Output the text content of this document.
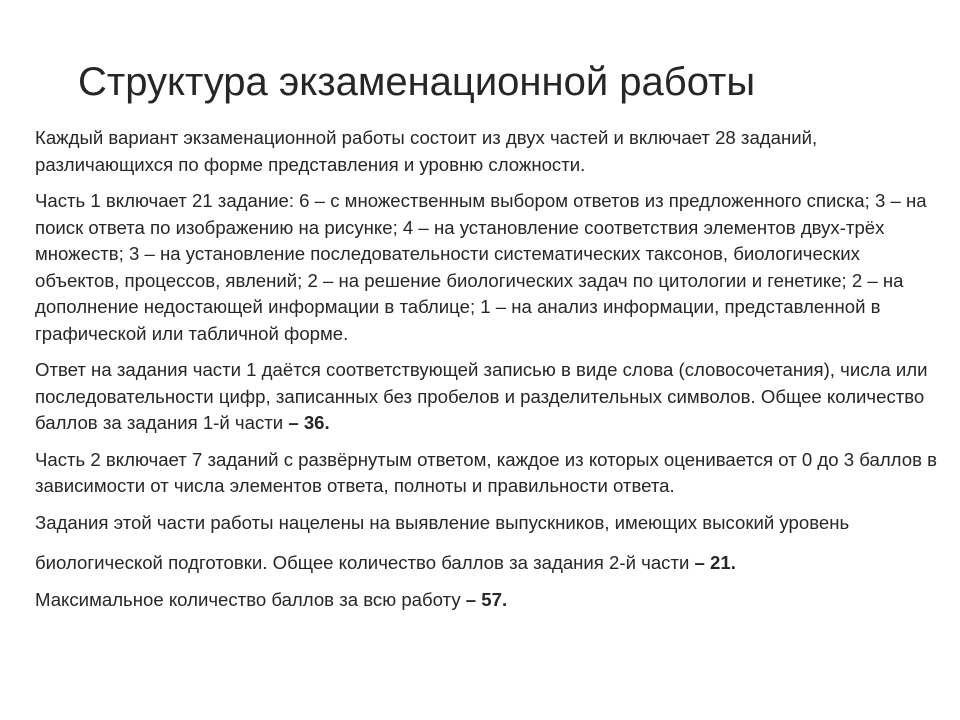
Структура экзаменационной работы

Каждый вариант экзаменационной работы состоит из двух частей и включает 28 заданий, различающихся по форме представления и уровню сложности.

Часть 1 включает 21 задание: 6 – с множественным выбором ответов из предложенного списка; 3 – на поиск ответа по изображению на рисунке; 4 – на установление соответствия элементов двух-трёх множеств; 3 – на установление последовательности систематических таксонов, биологических объектов, процессов, явлений; 2 – на решение биологических задач по цитологии и генетике; 2 – на дополнение недостающей информации в таблице; 1 – на анализ информации, представленной в графической или табличной форме.

Ответ на задания части 1 даётся соответствующей записью в виде слова (словосочетания), числа или последовательности цифр, записанных без пробелов и разделительных символов. Общее количество баллов за задания 1-й части – 36.

Часть 2 включает 7 заданий с развёрнутым ответом, каждое из которых оценивается от 0 до 3 баллов в зависимости от числа элементов ответа, полноты и правильности ответа.

Задания этой части работы нацелены на выявление выпускников, имеющих высокий уровень

биологической подготовки. Общее количество баллов за задания 2-й части – 21.

Максимальное количество баллов за всю работу – 57.
